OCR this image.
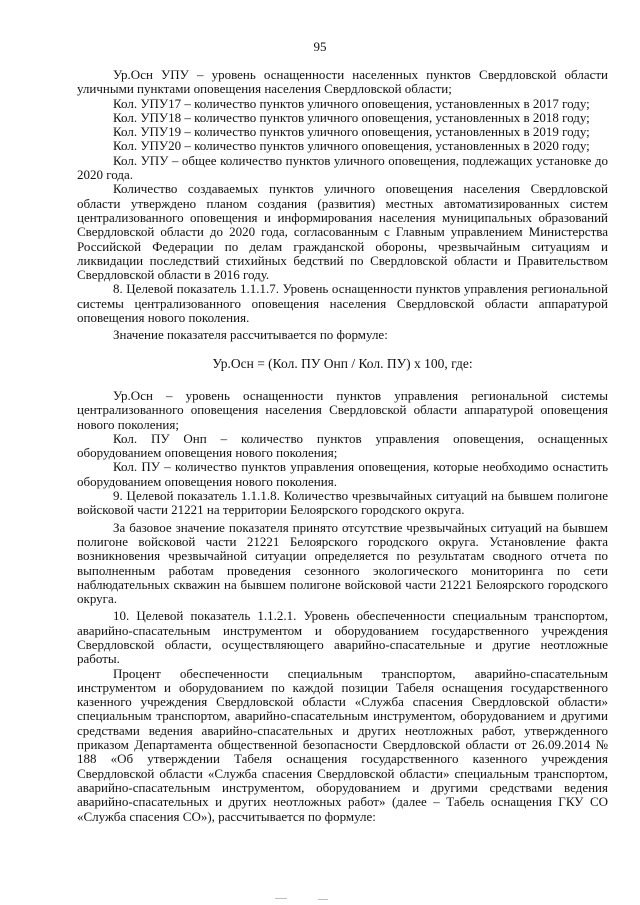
95

Ур.Осн УПУ – уровень оснащенности населенных пунктов Свердловской области уличными пунктами оповещения населения Свердловской области;

Кол. УПУ17 – количество пунктов уличного оповещения, установленных в 2017 году;

Кол. УПУ18 – количество пунктов уличного оповещения, установленных в 2018 году;

Кол. УПУ19 – количество пунктов уличного оповещения, установленных в 2019 году;

Кол. УПУ20 – количество пунктов уличного оповещения, установленных в 2020 году;

Кол. УПУ – общее количество пунктов уличного оповещения, подлежащих установке до 2020 года.

Количество создаваемых пунктов уличного оповещения населения Свердловской области утверждено планом создания (развития) местных автоматизированных систем централизованного оповещения и информирования населения муниципальных образований Свердловской области до 2020 года, согласованным с Главным управлением Министерства Российской Федерации по делам гражданской обороны, чрезвычайным ситуациям и ликвидации последствий стихийных бедствий по Свердловской области и Правительством Свердловской области в 2016 году.

8. Целевой показатель 1.1.1.7. Уровень оснащенности пунктов управления региональной системы централизованного оповещения населения Свердловской области аппаратурой оповещения нового поколения.

Значение показателя рассчитывается по формуле:

Ур.Осн = (Кол. ПУ Онп / Кол. ПУ) х 100, где:

Ур.Осн – уровень оснащенности пунктов управления региональной системы централизованного оповещения населения Свердловской области аппаратурой оповещения нового поколения;

Кол. ПУ Онп – количество пунктов управления оповещения, оснащенных оборудованием оповещения нового поколения;

Кол. ПУ – количество пунктов управления оповещения, которые необходимо оснастить оборудованием оповещения нового поколения.

9. Целевой показатель 1.1.1.8. Количество чрезвычайных ситуаций на бывшем полигоне войсковой части 21221 на территории Белоярского городского округа.

За базовое значение показателя принято отсутствие чрезвычайных ситуаций на бывшем полигоне войсковой части 21221 Белоярского городского округа. Установление факта возникновения чрезвычайной ситуации определяется по результатам сводного отчета по выполненным работам проведения сезонного экологического мониторинга по сети наблюдательных скважин на бывшем полигоне войсковой части 21221 Белоярского городского округа.

10. Целевой показатель 1.1.2.1. Уровень обеспеченности специальным транспортом, аварийно-спасательным инструментом и оборудованием государственного учреждения Свердловской области, осуществляющего аварийно-спасательные и другие неотложные работы.

Процент обеспеченности специальным транспортом, аварийно-спасательным инструментом и оборудованием по каждой позиции Табеля оснащения государственного казенного учреждения Свердловской области «Служба спасения Свердловской области» специальным транспортом, аварийно-спасательным инструментом, оборудованием и другими средствами ведения аварийно-спасательных и других неотложных работ, утвержденного приказом Департамента общественной безопасности Свердловской области от 26.09.2014 № 188 «Об утверждении Табеля оснащения государственного казенного учреждения Свердловской области «Служба спасения Свердловской области» специальным транспортом, аварийно-спасательным инструментом, оборудованием и другими средствами ведения аварийно-спасательных и других неотложных работ» (далее – Табель оснащения ГКУ СО «Служба спасения СО»), рассчитывается по формуле:
